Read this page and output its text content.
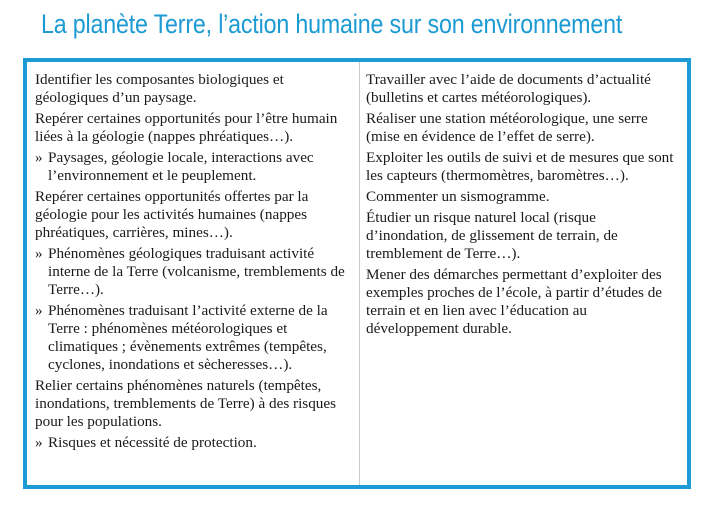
La planète Terre, l’action humaine sur son environnement

Identifier les composantes biologiques et géologiques d’un paysage.

Repérer certaines opportunités pour l’être humain liées à la géologie (nappes phréatiques…).

» Paysages, géologie locale, interactions avec l’environnement et le peuplement.

Repérer certaines opportunités offertes par la géologie pour les activités humaines (nappes phréatiques, carrières, mines…).

» Phénomènes géologiques traduisant activité interne de la Terre (volcanisme, tremblements de Terre…).

» Phénomènes traduisant l’activité externe de la Terre : phénomènes météorologiques et climatiques ; évènements extrêmes (tempêtes, cyclones, inondations et sècheresses…).

Relier certains phénomènes naturels (tempêtes, inondations, tremblements de Terre) à des risques pour les populations.

» Risques et nécessité de protection.

Travailler avec l’aide de documents d’actualité (bulletins et cartes météorologiques).

Réaliser une station météorologique, une serre (mise en évidence de l’effet de serre).

Exploiter les outils de suivi et de mesures que sont les capteurs (thermomètres, baromètres…).

Commenter un sismogramme.

Étudier un risque naturel local (risque d’inondation, de glissement de terrain, de tremblement de Terre…).

Mener des démarches permettant d’exploiter des exemples proches de l’école, à partir d’études de terrain et en lien avec l’éducation au développement durable.
